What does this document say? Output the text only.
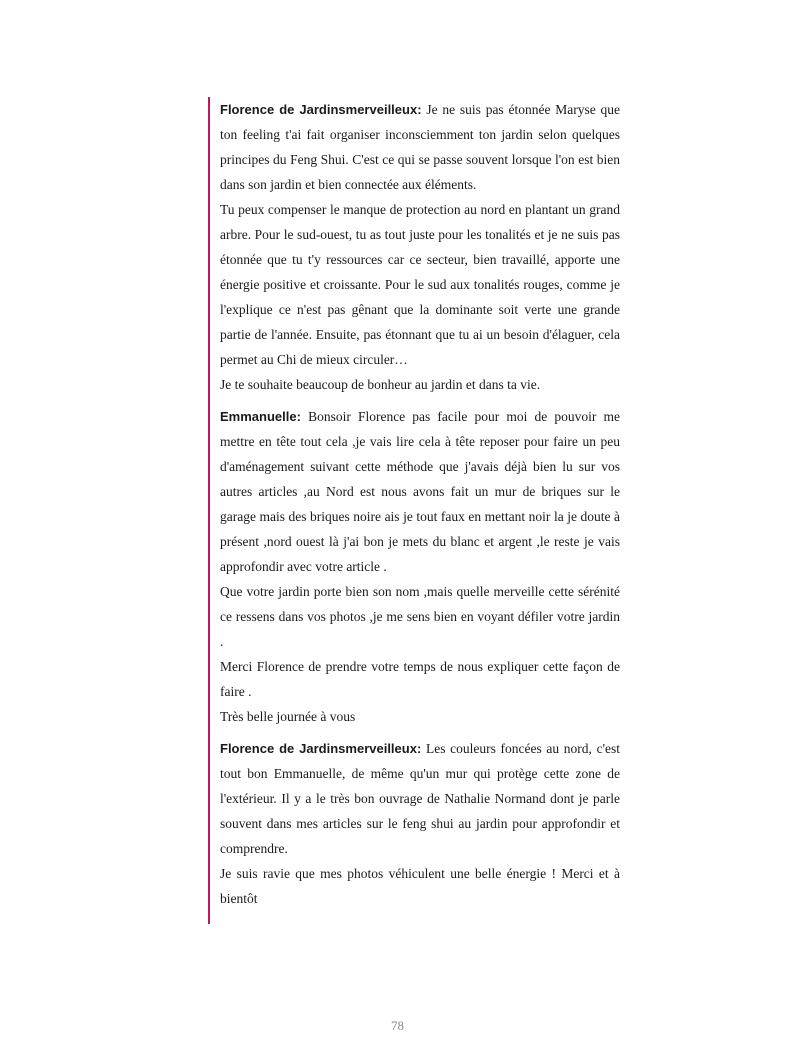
Florence de Jardinsmerveilleux: Je ne suis pas étonnée Maryse que ton feeling t'ai fait organiser inconsciemment ton jardin selon quelques principes du Feng Shui. C'est ce qui se passe souvent lorsque l'on est bien dans son jardin et bien connectée aux éléments.

Tu peux compenser le manque de protection au nord en plantant un grand arbre. Pour le sud-ouest, tu as tout juste pour les tonalités et je ne suis pas étonnée que tu t'y ressources car ce secteur, bien travaillé, apporte une énergie positive et croissante. Pour le sud aux tonalités rouges, comme je l'explique ce n'est pas gênant que la dominante soit verte une grande partie de l'année. Ensuite, pas étonnant que tu ai un besoin d'élaguer, cela permet au Chi de mieux circuler…

Je te souhaite beaucoup de bonheur au jardin et dans ta vie.

Emmanuelle: Bonsoir Florence pas facile pour moi de pouvoir me mettre en tête tout cela ,je vais lire cela à tête reposer pour faire un peu d'aménagement suivant cette méthode que j'avais déjà bien lu sur vos autres articles ,au Nord est nous avons fait un mur de briques sur le garage mais des briques noire ais je tout faux en mettant noir la je doute à présent ,nord ouest là j'ai bon je mets du blanc et argent ,le reste je vais approfondir avec votre article .

Que votre jardin porte bien son nom ,mais quelle merveille cette sérénité ce ressens dans vos photos ,je me sens bien en voyant défiler votre jardin .

Merci Florence de prendre votre temps de nous expliquer cette façon de faire .

Très belle journée à vous

Florence de Jardinsmerveilleux: Les couleurs foncées au nord, c'est tout bon Emmanuelle, de même qu'un mur qui protège cette zone de l'extérieur. Il y a le très bon ouvrage de Nathalie Normand dont je parle souvent dans mes articles sur le feng shui au jardin pour approfondir et comprendre.

Je suis ravie que mes photos véhiculent une belle énergie ! Merci et à bientôt

78
